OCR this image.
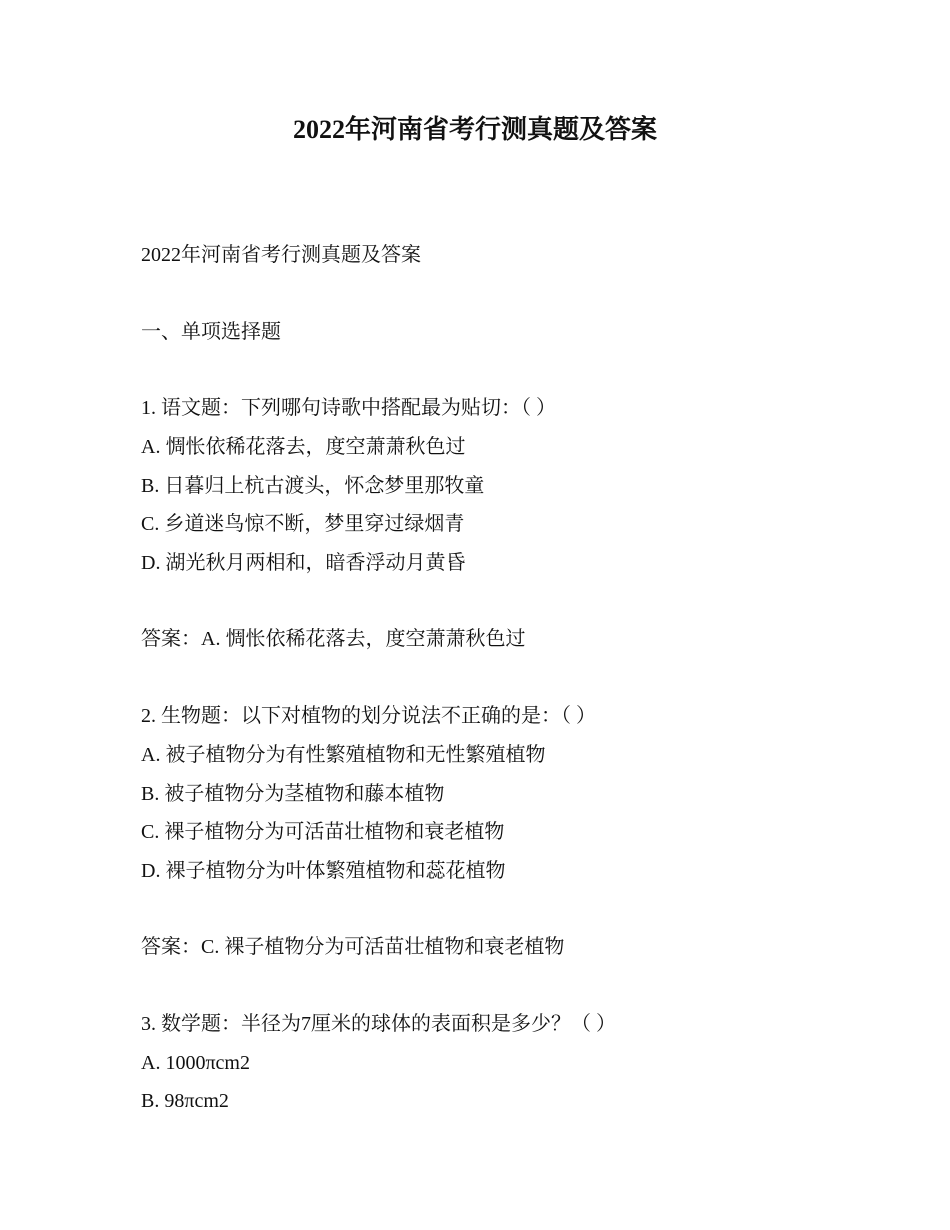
2022年河南省考行测真题及答案
2022年河南省考行测真题及答案
一、单项选择题
1. 语文题：下列哪句诗歌中搭配最为贴切：（ ）
A. 惆怅依稀花落去，度空萧萧秋色过
B. 日暮归上杭古渡头，怀念梦里那牧童
C. 乡道迷鸟惊不断，梦里穿过绿烟青
D. 湖光秋月两相和，暗香浮动月黄昏
答案：A. 惆怅依稀花落去，度空萧萧秋色过
2. 生物题：以下对植物的划分说法不正确的是：（ ）
A. 被子植物分为有性繁殖植物和无性繁殖植物
B. 被子植物分为茎植物和藤本植物
C. 裸子植物分为可活苗壮植物和衰老植物
D. 裸子植物分为叶体繁殖植物和蕊花植物
答案：C. 裸子植物分为可活苗壮植物和衰老植物
3. 数学题：半径为7厘米的球体的表面积是多少？（ ）
A. 1000πcm2
B. 98πcm2
